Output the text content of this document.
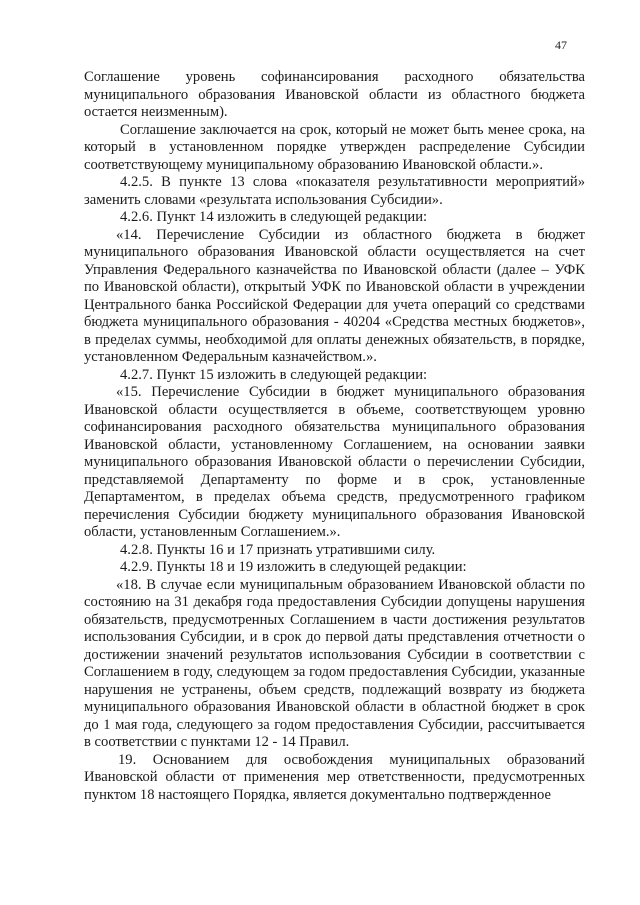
47

Соглашение уровень софинансирования расходного обязательства муниципального образования Ивановской области из областного бюджета остается неизменным).

Соглашение заключается на срок, который не может быть менее срока, на который в установленном порядке утвержден распределение Субсидии соответствующему муниципальному образованию Ивановской области.».

4.2.5. В пункте 13 слова «показателя результативности мероприятий» заменить словами «результата использования Субсидии».

4.2.6. Пункт 14 изложить в следующей редакции:

«14. Перечисление Субсидии из областного бюджета в бюджет муниципального образования Ивановской области осуществляется на счет Управления Федерального казначейства по Ивановской области (далее – УФК по Ивановской области), открытый УФК по Ивановской области в учреждении Центрального банка Российской Федерации для учета операций со средствами бюджета муниципального образования - 40204 «Средства местных бюджетов», в пределах суммы, необходимой для оплаты денежных обязательств, в порядке, установленном Федеральным казначейством.».

4.2.7. Пункт 15 изложить в следующей редакции:

«15. Перечисление Субсидии в бюджет муниципального образования Ивановской области осуществляется в объеме, соответствующем уровню софинансирования расходного обязательства муниципального образования Ивановской области, установленному Соглашением, на основании заявки муниципального образования Ивановской области о перечислении Субсидии, представляемой Департаменту по форме и в срок, установленные Департаментом, в пределах объема средств, предусмотренного графиком перечисления Субсидии бюджету муниципального образования Ивановской области, установленным Соглашением.».

4.2.8. Пункты 16 и 17 признать утратившими силу.

4.2.9. Пункты 18 и 19 изложить в следующей редакции:

«18. В случае если муниципальным образованием Ивановской области по состоянию на 31 декабря года предоставления Субсидии допущены нарушения обязательств, предусмотренных Соглашением в части достижения результатов использования Субсидии, и в срок до первой даты представления отчетности о достижении значений результатов использования Субсидии в соответствии с Соглашением в году, следующем за годом предоставления Субсидии, указанные нарушения не устранены, объем средств, подлежащий возврату из бюджета муниципального образования Ивановской области в областной бюджет в срок до 1 мая года, следующего за годом предоставления Субсидии, рассчитывается в соответствии с пунктами 12 - 14 Правил.

19. Основанием для освобождения муниципальных образований Ивановской области от применения мер ответственности, предусмотренных пунктом 18 настоящего Порядка, является документально подтвержденное
